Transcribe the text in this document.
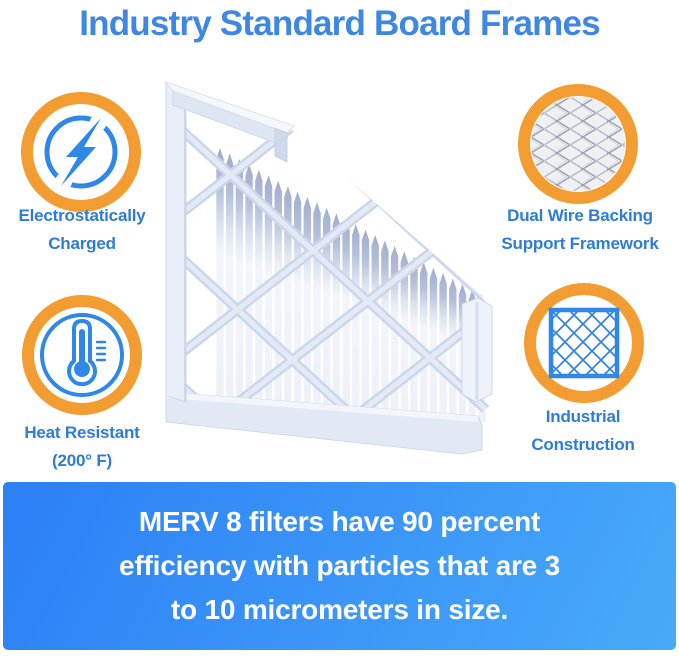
Industry Standard Board Frames

Electrostatically
Charged

Dual Wire Backing
Support Framework

Heat Resistant
(200° F)

Industrial
Construction

MERV 8 filters have 90 percent
efficiency with particles that are 3
to 10 micrometers in size.
